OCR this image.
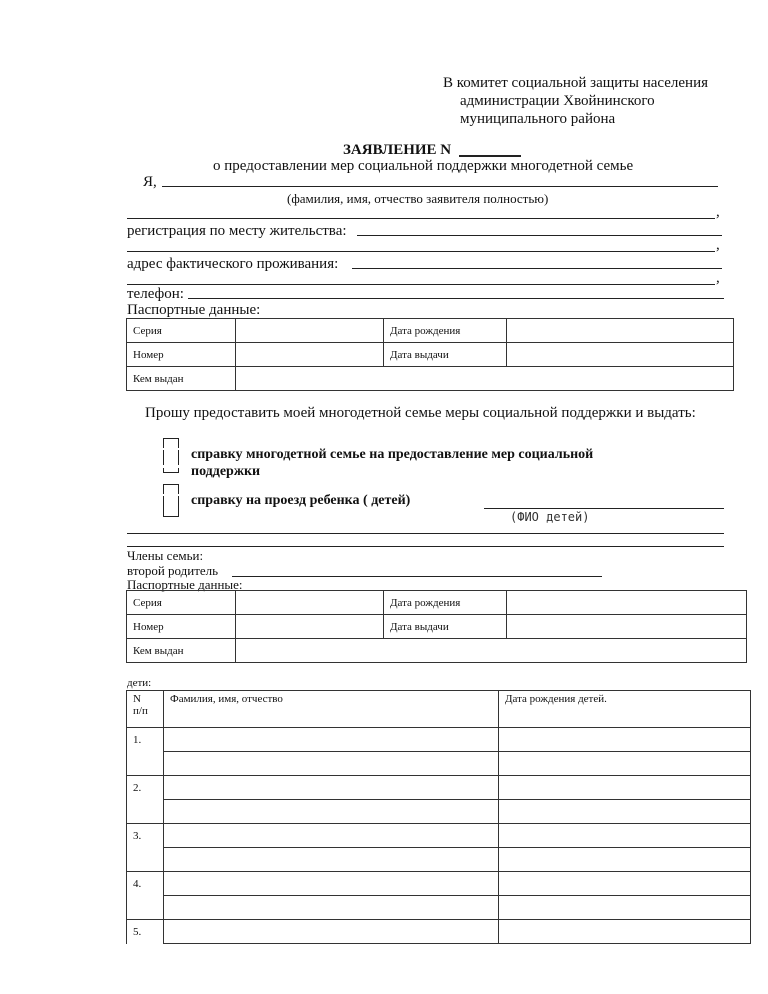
В комитет социальной защиты населения
администрации Хвойнинского
муниципального района
ЗАЯВЛЕНИЕ N
о предоставлении мер социальной поддержки многодетной семье
Я,
(фамилия, имя, отчество заявителя полностью)
,
регистрация по месту жительства:
,
адрес фактического проживания:
,
телефон:
Паспортные данные:
Серия		Дата рождения	
Номер		Дата выдачи	
Кем выдан			
Прошу предоставить моей многодетной семье меры социальной поддержки и выдать:
справку многодетной семье на предоставление мер социальной
поддержки
справку на проезд ребенка ( детей)
(ФИО детей)
Члены семьи:
второй родитель
Паспортные данные:
Серия		Дата рождения	
Номер		Дата выдачи	
Кем выдан			
дети:
N
п/п	Фамилия, имя, отчество	Дата рождения детей.
1.		

2.		

3.		

4.		

5.		
